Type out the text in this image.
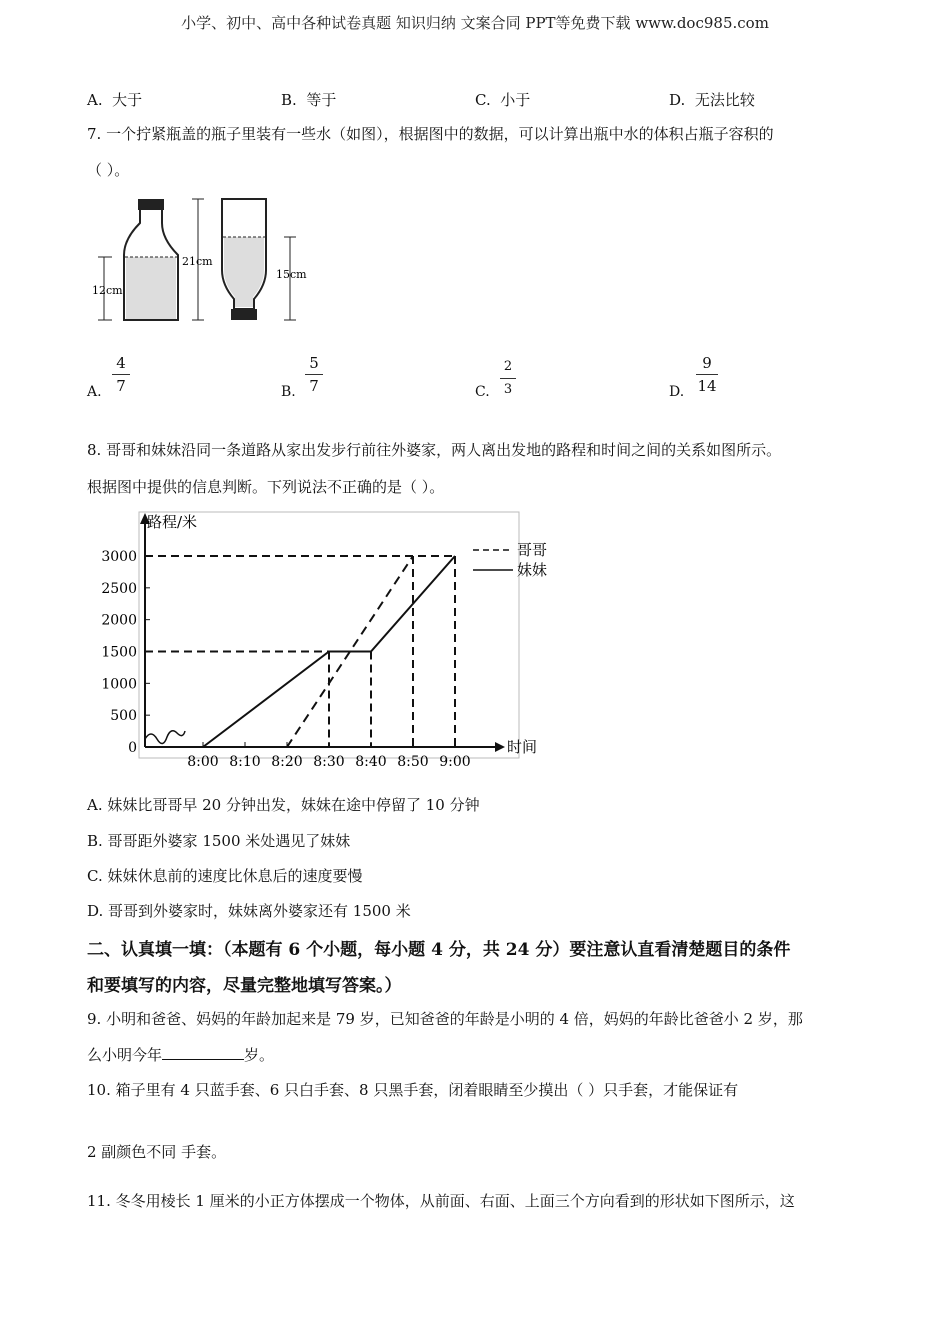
小学、初中、高中各种试卷真题 知识归纳 文案合同 PPT等免费下载 www.doc985.com
A. 大于	B. 等于	C. 小于	D. 无法比较
7. 一个拧紧瓶盖的瓶子里装有一些水（如图），根据图中的数据，可以计算出瓶中水的体积占瓶子容积的
（ ）。
12cm
21cm
15cm
A.
4
7	B.
5
7	C.
2
3	D.
9
14
8. 哥哥和妹妹沿同一条道路从家出发步行前往外婆家，两人离出发地的路程和时间之间的关系如图所示。
根据图中提供的信息判断。下列说法不正确的是（ ）。
0
500
1000
1500
2000
2500
3000
8:00 8:10 8:20 8:30 8:40 8:50 9:00
路程/米
时间
哥哥
妹妹
A. 妹妹比哥哥早 20 分钟出发，妹妹在途中停留了 10 分钟
B. 哥哥距外婆家 1500 米处遇见了妹妹
C. 妹妹休息前的速度比休息后的速度要慢
D. 哥哥到外婆家时，妹妹离外婆家还有 1500 米
二、认真填一填：（本题有 6 个小题，每小题 4 分，共 24 分）要注意认直看清楚题目的条件
和要填写的内容，尽量完整地填写答案。）
9. 小明和爸爸、妈妈的年龄加起来是 79 岁，已知爸爸的年龄是小明的 4 倍，妈妈的年龄比爸爸小 2 岁，那
么小明今年	岁。
10. 箱子里有 4 只蓝手套、6 只白手套、8 只黑手套，闭着眼睛至少摸出（ ）只手套，才能保证有
2 副颜色不同 手套。
11. 冬冬用棱长 1 厘米的小正方体摆成一个物体，从前面、右面、上面三个方向看到的形状如下图所示，这
